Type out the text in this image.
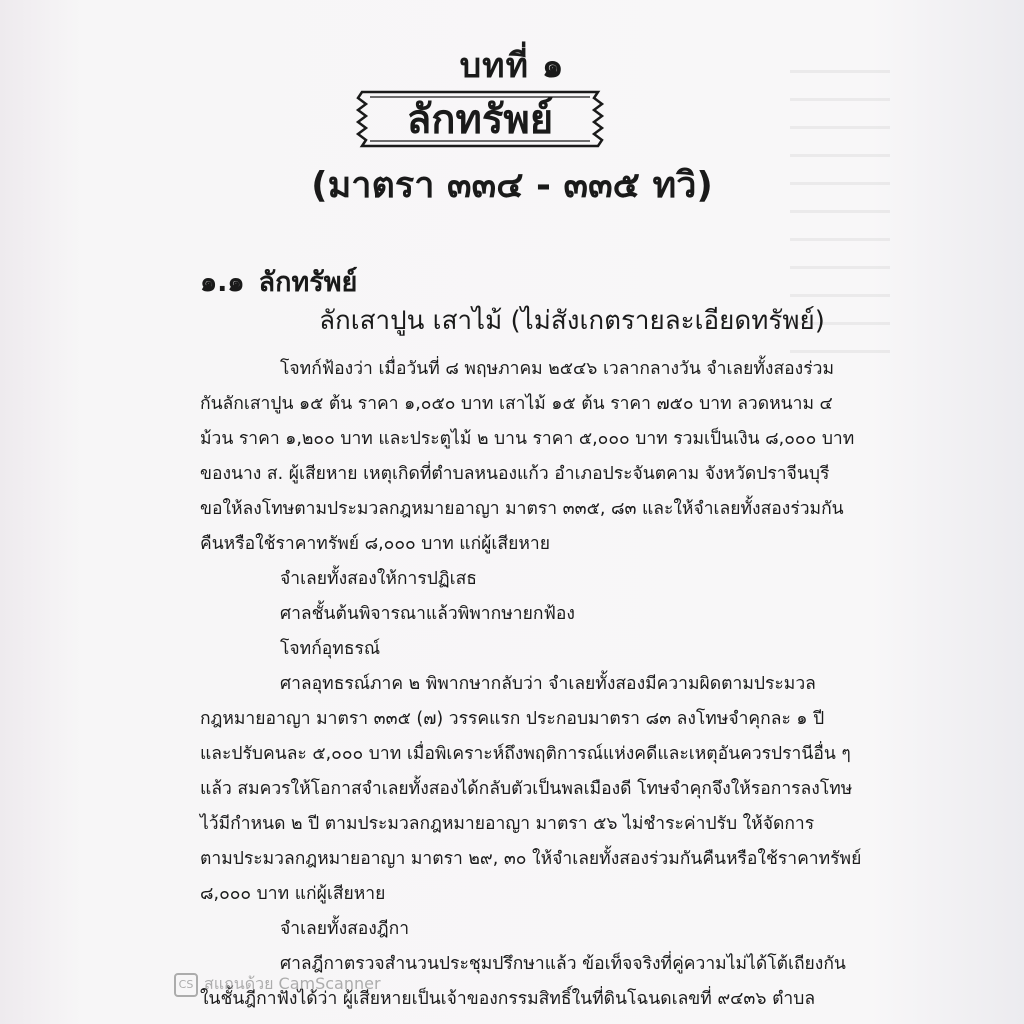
บทที่ ๑
ลักทรัพย์
(มาตรา ๓๓๔ - ๓๓๕ ทวิ)
๑.๑ ลักทรัพย์
ลักเสาปูน เสาไม้ (ไม่สังเกตรายละเอียดทรัพย์)
โจทก์ฟ้องว่า เมื่อวันที่ ๘ พฤษภาคม ๒๕๔๖ เวลากลางวัน จำเลยทั้งสองร่วม
กันลักเสาปูน ๑๕ ต้น ราคา ๑,๐๕๐ บาท เสาไม้ ๑๕ ต้น ราคา ๗๕๐ บาท ลวดหนาม ๔
ม้วน ราคา ๑,๒๐๐ บาท และประตูไม้ ๒ บาน ราคา ๕,๐๐๐ บาท รวมเป็นเงิน ๘,๐๐๐ บาท
ของนาง ส. ผู้เสียหาย เหตุเกิดที่ตำบลหนองแก้ว อำเภอประจันตคาม จังหวัดปราจีนบุรี
ขอให้ลงโทษตามประมวลกฎหมายอาญา มาตรา ๓๓๕, ๘๓ และให้จำเลยทั้งสองร่วมกัน
คืนหรือใช้ราคาทรัพย์ ๘,๐๐๐ บาท แก่ผู้เสียหาย
จำเลยทั้งสองให้การปฏิเสธ
ศาลชั้นต้นพิจารณาแล้วพิพากษายกฟ้อง
โจทก์อุทธรณ์
ศาลอุทธรณ์ภาค ๒ พิพากษากลับว่า จำเลยทั้งสองมีความผิดตามประมวล
กฎหมายอาญา มาตรา ๓๓๕ (๗) วรรคแรก ประกอบมาตรา ๘๓ ลงโทษจำคุกละ ๑ ปี
และปรับคนละ ๕,๐๐๐ บาท เมื่อพิเคราะห์ถึงพฤติการณ์แห่งคดีและเหตุอันควรปรานีอื่น ๆ
แล้ว สมควรให้โอกาสจำเลยทั้งสองได้กลับตัวเป็นพลเมืองดี โทษจำคุกจึงให้รอการลงโทษ
ไว้มีกำหนด ๒ ปี ตามประมวลกฎหมายอาญา มาตรา ๕๖ ไม่ชำระค่าปรับ ให้จัดการ
ตามประมวลกฎหมายอาญา มาตรา ๒๙, ๓๐ ให้จำเลยทั้งสองร่วมกันคืนหรือใช้ราคาทรัพย์
๘,๐๐๐ บาท แก่ผู้เสียหาย
จำเลยทั้งสองฎีกา
ศาลฎีกาตรวจสำนวนประชุมปรึกษาแล้ว ข้อเท็จจริงที่คู่ความไม่ได้โต้เถียงกัน
ในชั้นฎีกาฟังได้ว่า ผู้เสียหายเป็นเจ้าของกรรมสิทธิ์ในที่ดินโฉนดเลขที่ ๙๔๓๖ ตำบล
CS สแกนด้วย CamScanner
